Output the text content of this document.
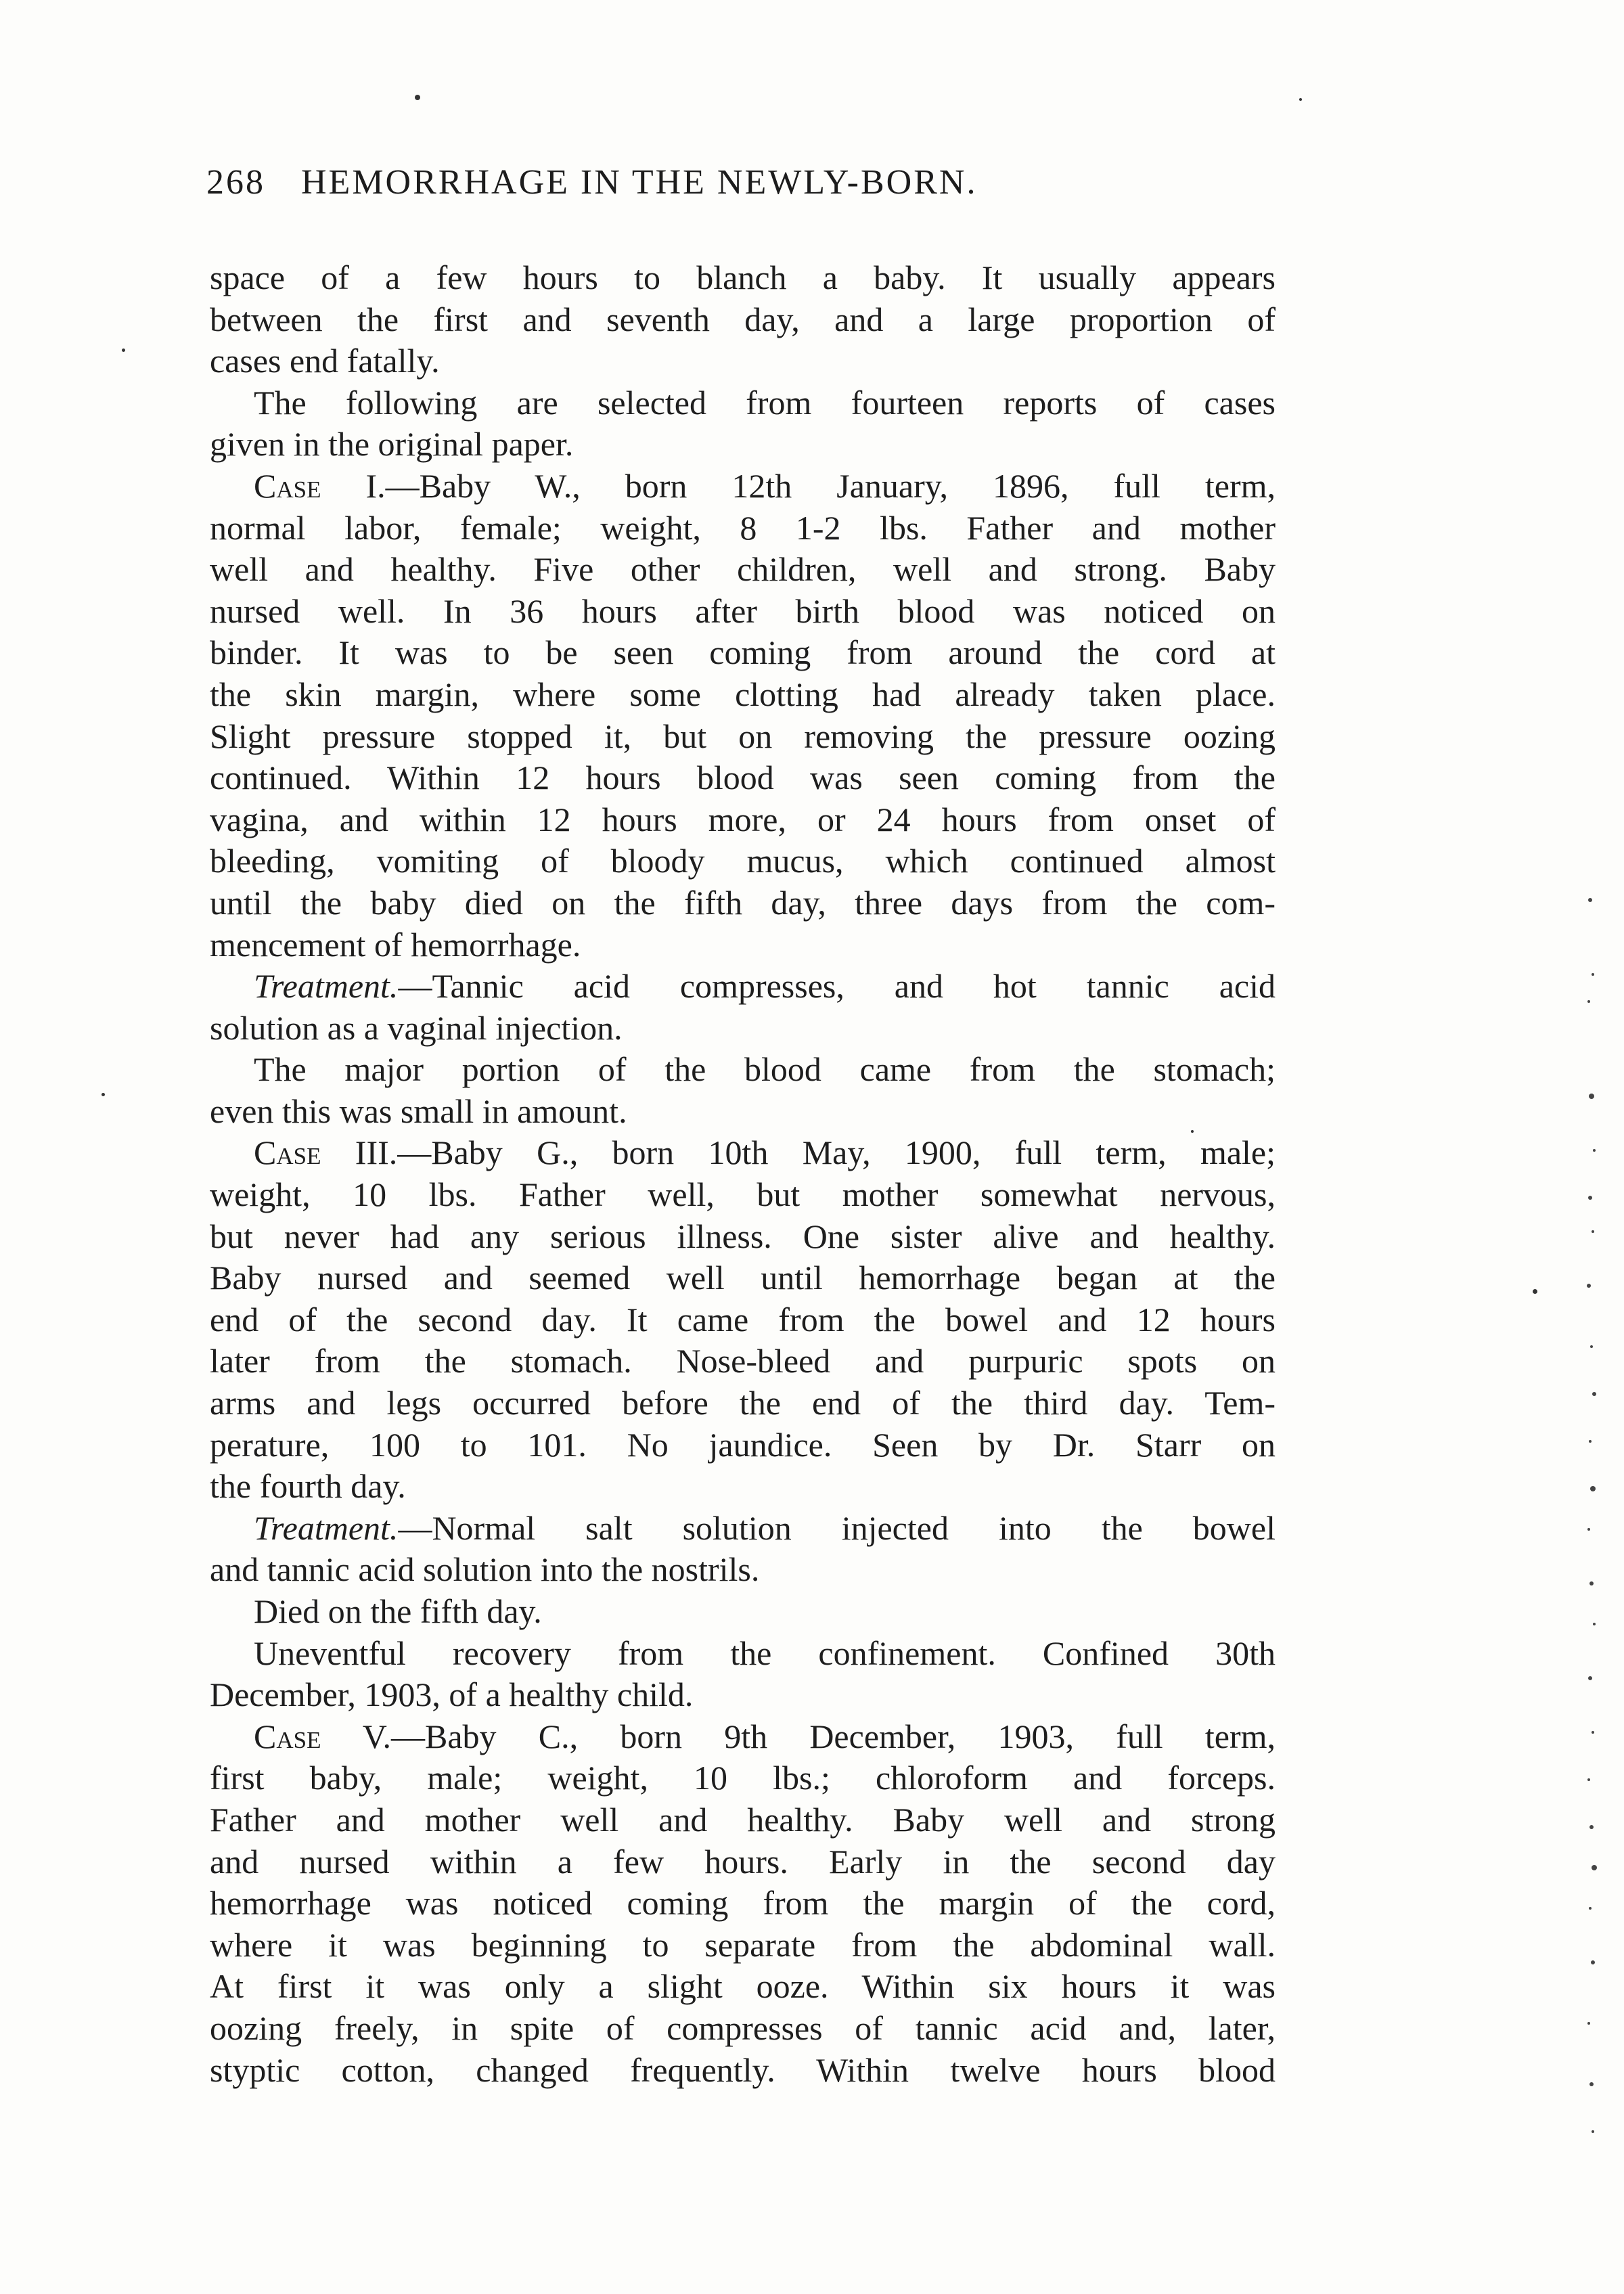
268 HEMORRHAGE IN THE NEWLY-BORN.
space of a few hours to blanch a baby. It usually appears
between the first and seventh day, and a large proportion of
cases end fatally.
The following are selected from fourteen reports of cases
given in the original paper.
Case I.—Baby W., born 12th January, 1896, full term,
normal labor, female; weight, 8 1-2 lbs. Father and mother
well and healthy. Five other children, well and strong. Baby
nursed well. In 36 hours after birth blood was noticed on
binder. It was to be seen coming from around the cord at
the skin margin, where some clotting had already taken place.
Slight pressure stopped it, but on removing the pressure oozing
continued. Within 12 hours blood was seen coming from the
vagina, and within 12 hours more, or 24 hours from onset of
bleeding, vomiting of bloody mucus, which continued almost
until the baby died on the fifth day, three days from the com-
mencement of hemorrhage.
Treatment.—Tannic acid compresses, and hot tannic acid
solution as a vaginal injection.
The major portion of the blood came from the stomach;
even this was small in amount.
Case III.—Baby G., born 10th May, 1900, full term, male;
weight, 10 lbs. Father well, but mother somewhat nervous,
but never had any serious illness. One sister alive and healthy.
Baby nursed and seemed well until hemorrhage began at the
end of the second day. It came from the bowel and 12 hours
later from the stomach. Nose-bleed and purpuric spots on
arms and legs occurred before the end of the third day. Tem-
perature, 100 to 101. No jaundice. Seen by Dr. Starr on
the fourth day.
Treatment.—Normal salt solution injected into the bowel
and tannic acid solution into the nostrils.
Died on the fifth day.
Uneventful recovery from the confinement. Confined 30th
December, 1903, of a healthy child.
Case V.—Baby C., born 9th December, 1903, full term,
first baby, male; weight, 10 lbs.; chloroform and forceps.
Father and mother well and healthy. Baby well and strong
and nursed within a few hours. Early in the second day
hemorrhage was noticed coming from the margin of the cord,
where it was beginning to separate from the abdominal wall.
At first it was only a slight ooze. Within six hours it was
oozing freely, in spite of compresses of tannic acid and, later,
styptic cotton, changed frequently. Within twelve hours blood
